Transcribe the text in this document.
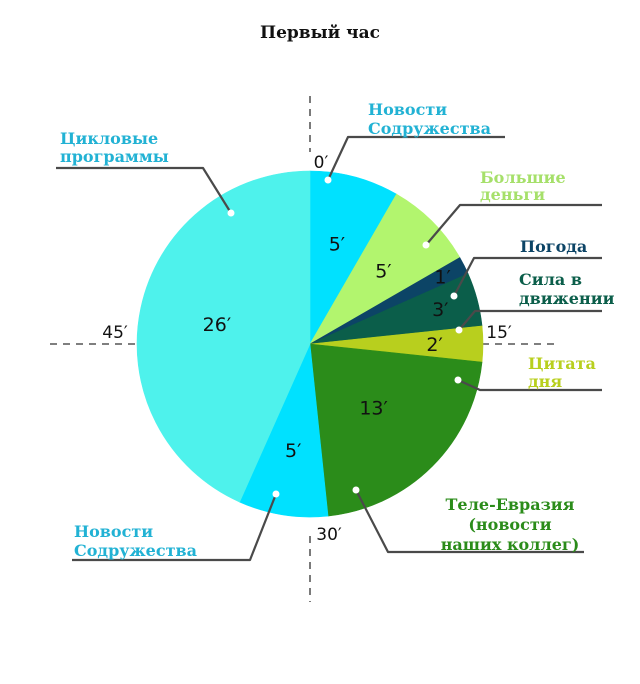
Первый час
5′
5′ 1′
3′
2′
13′
5′
26′
0′
15′
30′
45′
Новости
Содружества
Большие
деньги
Погода
Сила в
движении
Цитата
дня
Теле-Евразия
(новости
наших коллег)
Новости
Содружества
Цикловые
программы
